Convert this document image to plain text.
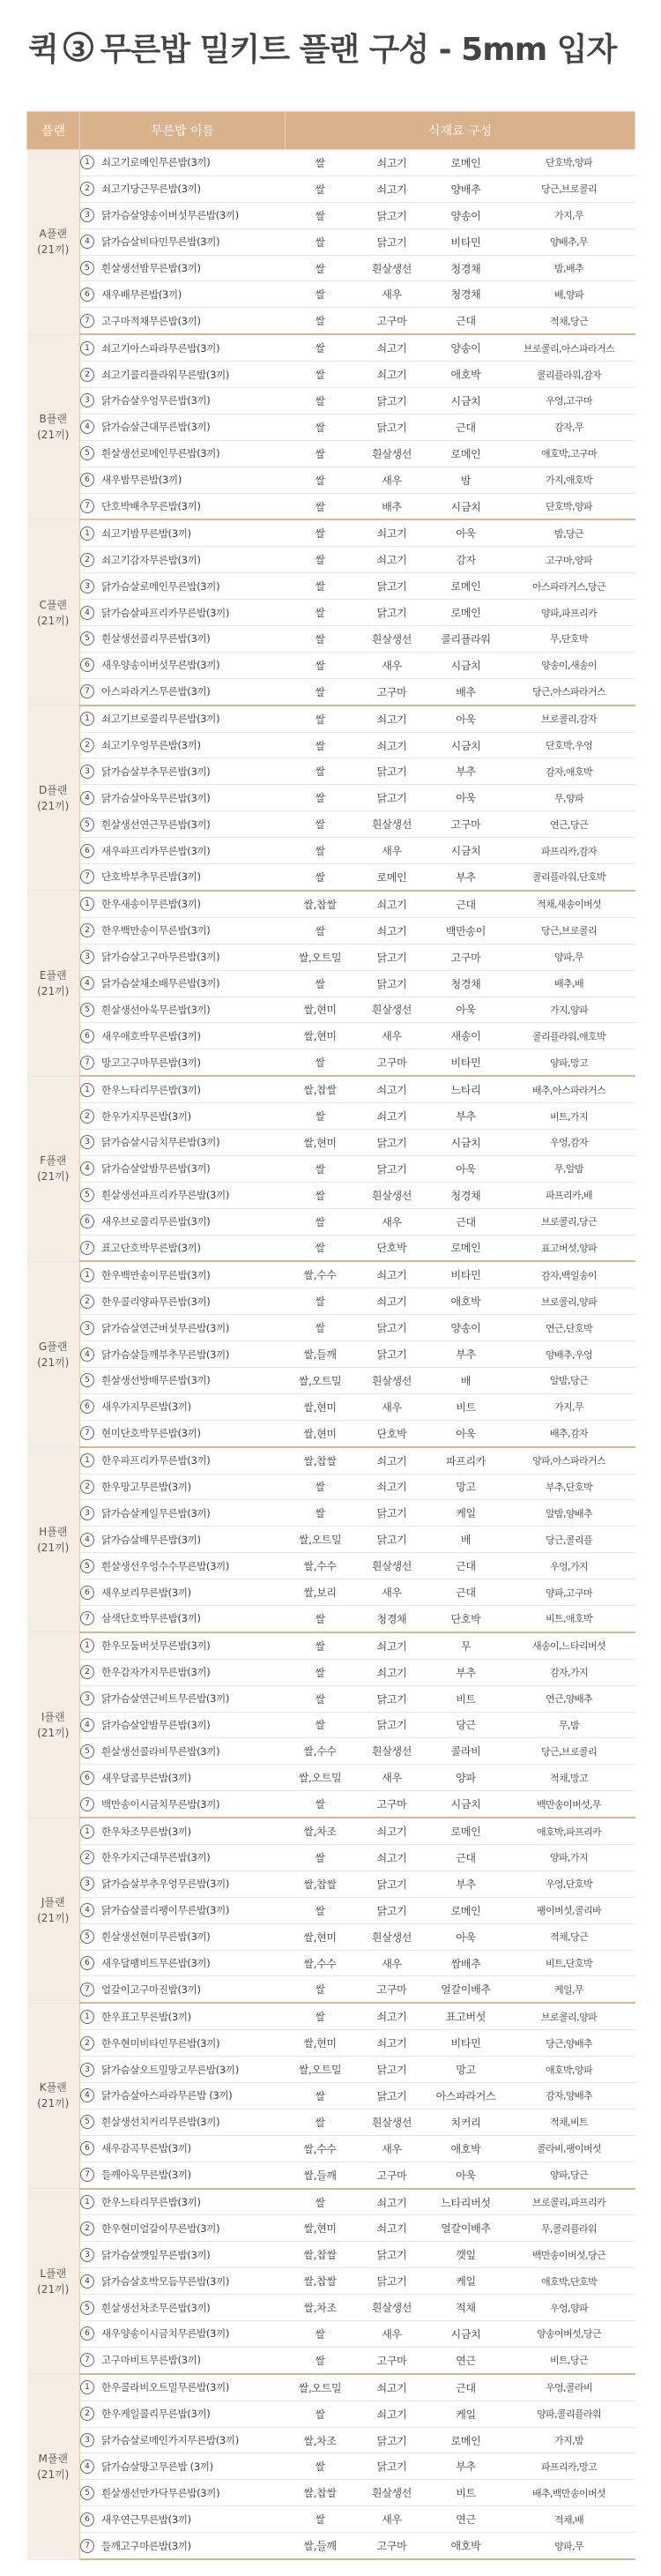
퀵 3 무른밥 밀키트 플랜 구성 - 5mm 입자
플랜	무른밥 이름	식재료 구성			

A플랜
(21끼)	1 쇠고기로메인무른밥(3끼)	쌀	쇠고기	로메인	단호박,양파
	2 쇠고기당근무른밥(3끼)	쌀	쇠고기	양배추	당근,브로콜리
	3 닭가슴살양송이버섯무른밥(3끼)	쌀	닭고기	양송이	가지,무
	4 닭가슴살비타민무른밥(3끼)	쌀	닭고기	비타민	양배추,무
	5 흰살생선밤무른밥(3끼)	쌀	흰살생선	청경채	밤,배추
	6 새우배무른밥(3끼)	쌀	새우	청경채	배,양파
	7 고구마적채무른밥(3끼)	쌀	고구마	근대	적채,당근

B플랜
(21끼)	1 쇠고기아스파라무른밥(3끼)	쌀	쇠고기	양송이	브로콜리,아스파라거스
	2 쇠고기콜리플라워무른밥(3끼)	쌀	쇠고기	애호박	콜리플라워,감자
	3 닭가슴살우엉무른밥(3끼)	쌀	닭고기	시금치	우엉,고구마
	4 닭가슴살근대무른밥(3끼)	쌀	닭고기	근대	감자,무
	5 흰살생선로메인무른밥(3끼)	쌀	흰살생선	로메인	애호박,고구마
	6 새우밤무른밥(3끼)	쌀	새우	밤	가지,애호박
	7 단호박배추무른밥(3끼)	쌀	배추	시금치	단호박,양파

C플랜
(21끼)	1 쇠고기밤무른밥(3끼)	쌀	쇠고기	아욱	밤,당근
	2 쇠고기감자무른밥(3끼)	쌀	쇠고기	감자	고구마,양파
	3 닭가슴살로메인무른밥(3끼)	쌀	닭고기	로메인	아스파라거스,당근
	4 닭가슴살파프리카무른밥(3끼)	쌀	닭고기	로메인	양파,파프리카
	5 흰살생선콜리무른밥(3끼)	쌀	흰살생선	콜리플라워	무,단호박
	6 새우양송이버섯무른밥(3끼)	쌀	새우	시금치	양송이,새송이
	7 아스파라거스무른밥(3끼)	쌀	고구마	배추	당근,아스파라거스

D플랜
(21끼)	1 쇠고기브로콜리무른밥(3끼)	쌀	쇠고기	아욱	브로콜리,감자
	2 쇠고기우엉무른밥(3끼)	쌀	쇠고기	시금치	단호박,우엉
	3 닭가슴살부추무른밥(3끼)	쌀	닭고기	부추	감자,애호박
	4 닭가슴살아욱무른밥(3끼)	쌀	닭고기	아욱	무,양파
	5 흰살생선연근무른밥(3끼)	쌀	흰살생선	고구마	연근,당근
	6 새우파프리카무른밥(3끼)	쌀	새우	시금치	파프리카,감자
	7 단호박부추무른밥(3끼)	쌀	로메인	부추	콜리플라워,단호박

E플랜
(21끼)	1 한우새송이무른밥(3끼)	쌀,찹쌀	쇠고기	근대	적채,새송이버섯
	2 한우백만송이무른밥(3끼)	쌀	쇠고기	백만송이	당근,브로콜리
	3 닭가슴살고구마무른밥(3끼)	쌀,오트밀	닭고기	고구마	양파,무
	4 닭가슴살채소배무른밥(3끼)	쌀	닭고기	청경채	배추,배
	5 흰살생선아욱무른밥(3끼)	쌀,현미	흰살생선	아욱	가지,양파
	6 새우애호박무른밥(3끼)	쌀,현미	새우	새송이	콜리플라워,애호박
	7 망고고구마무른밥(3끼)	쌀	고구마	비타민	양파,망고

F플랜
(21끼)	1 한우느타리무른밥(3끼)	쌀,찹쌀	쇠고기	느타리	배추,아스파라거스
	2 한우가지무른밥(3끼)	쌀	쇠고기	부추	비트,가지
	3 닭가슴살시금치무른밥(3끼)	쌀,현미	닭고기	시금치	우엉,감자
	4 닭가슴살알밤무른밥(3끼)	쌀	닭고기	아욱	무,알밤
	5 흰살생선파프리카무른밥(3끼)	쌀	흰살생선	청경채	파프리카,배
	6 새우브로콜리무른밥(3끼)	쌀	새우	근대	브로콜리,당근
	7 표고단호박무른밥(3끼)	쌀	단호박	로메인	표고버섯,양파

G플랜
(21끼)	1 한우백만송이무른밥(3끼)	쌀,수수	쇠고기	비타민	감자,백일송이
	2 한우콜리양파무른밥(3끼)	쌀	쇠고기	애호박	브로콜리,양파
	3 닭가슴살연근버섯무른밥(3끼)	쌀	닭고기	양송이	연근,단호박
	4 닭가슴살들깨부추무른밥(3끼)	쌀,들깨	닭고기	부추	양배추,우엉
	5 흰살생선방배무른밥(3끼)	쌀,오트밀	흰살생선	배	알밤,당근
	6 새우가지무른밥(3끼)	쌀,현미	새우	비트	가지,무
	7 현미단호박무른밥(3끼)	쌀,현미	단호박	아욱	배추,감자

H플랜
(21끼)	1 한우파프리카무른밥(3끼)	쌀,찹쌀	쇠고기	파프리카	양파,아스파라거스
	2 한우망고무른밥(3끼)	쌀	쇠고기	망고	부추,단호박
	3 닭가슴살케일무른밥(3끼)	쌀	닭고기	케일	알밤,양배추
	4 닭가슴살배무른밥(3끼)	쌀,오트밀	닭고기	배	당근,콜리플
	5 흰살생선우엉수수무른밥(3끼)	쌀,수수	흰살생선	근대	우엉,가지
	6 새우보리무른밥(3끼)	쌀,보리	새우	근대	양파,고구마
	7 삼색단호박무른밥(3끼)	쌀	청경채	단호박	비트,애호박

I플랜
(21끼)	1 한우모둠버섯무른밥(3끼)	쌀	쇠고기	무	새송이,느타리버섯
	2 한우감자가지무른밥(3끼)	쌀	쇠고기	부추	감자,가지
	3 닭가슴살연근비트무른밥(3끼)	쌀	닭고기	비트	연근,양배추
	4 닭가슴살알밤무른밥(3끼)	쌀	닭고기	당근	무,밤
	5 흰살생선콜라비무른밥(3끼)	쌀,수수	흰살생선	콜라비	당근,브로콜리
	6 새우달콤무른밥(3끼)	쌀,오트밀	새우	양파	적채,망고
	7 백만송이시금치무른밥(3끼)	쌀	고구마	시금치	백만송이버섯,무

J플랜
(21끼)	1 한우차조무른밥(3끼)	쌀,차조	쇠고기	로메인	애호박,파프리카
	2 한우가지근대무른밥(3끼)	쌀	쇠고기	근대	양파,가지
	3 닭가슴살부추우엉무른밥(3끼)	쌀,찹쌀	닭고기	부추	우엉,단호박
	4 닭가슴살콜리팽이무른밥(3끼)	쌀	닭고기	로메인	팽이버섯,콜리바
	5 흰살생선현미무른밥(3끼)	쌀,현미	흰살생선	아욱	적채,당근
	6 새우달팽비트무른밥(3끼)	쌀,수수	새우	쌈배추	비트,단호박
	7 얼갈이고구마진밥(3끼)	쌀	고구마	얼갈이배추	케일,무

K플랜
(21끼)	1 한우표고무른밥(3끼)	쌀	쇠고기	표고버섯	브로콜리,양파
	2 한우현미비타민무른밥(3끼)	쌀,현미	쇠고기	비타민	당근,양배추
	3 닭가슴살오트밀망고무른밥(3끼)	쌀,오트밀	닭고기	망고	애호박,양파
	4 닭가슴살아스파라무른밥 (3끼)	쌀	닭고기	아스파라거스	감자,양배추
	5 흰살생선치커리무른밥(3끼)	쌀	흰살생선	치커리	적채,비트
	6 새우감곡무른밥(3끼)	쌀,수수	새우	애호박	콜라비,팽이버섯
	7 들깨아욱무른밥(3끼)	쌀,들깨	고구마	아욱	양파,당근

L플랜
(21끼)	1 한우느타리무른밥(3끼)	쌀	쇠고기	느타리버섯	브로콜리,파프리카
	2 한우현미얼갈이무른밥(3끼)	쌀,현미	쇠고기	얼갈이배추	무,콜리플라워
	3 닭가슴살깻잎무른밥(3끼)	쌀,찹쌀	닭고기	깻잎	백만송이버섯,당근
	4 닭가슴살호박모듬무른밥(3끼)	쌀,찹쌀	닭고기	케일	애호박,단호박
	5 흰살생선차조무른밥(3끼)	쌀,차조	흰살생선	적채	우엉,양파
	6 새우양송이시금치무른밥(3끼)	쌀	새우	시금치	양송이버섯,당근
	7 고구마비트무른밥(3끼)	쌀	고구마	연근	비트,당근

M플랜
(21끼)	1 한우콜라비오트밀무른밥(3끼)	쌀,오트밀	쇠고기	근대	우엉,콜라비
	2 한우케일콜리무른밥(3끼)	쌀	쇠고기	케일	양파,콜리플라워
	3 닭가슴살로메인가지무른밥(3끼)	쌀,차조	닭고기	로메인	가지,밤
	4 닭가슴살망고무른밥 (3끼)	쌀	닭고기	부추	파프리카,망고
	5 흰살생선만가닥무른밥(3끼)	쌀,찹쌀	흰살생선	비트	배추,백만송이버섯
	6 새우연근무른밥(3끼)	쌀	새우	연근	적채,배
	7 들깨고구마른밥(3끼)	쌀,들깨	고구마	애호박	양파,무
